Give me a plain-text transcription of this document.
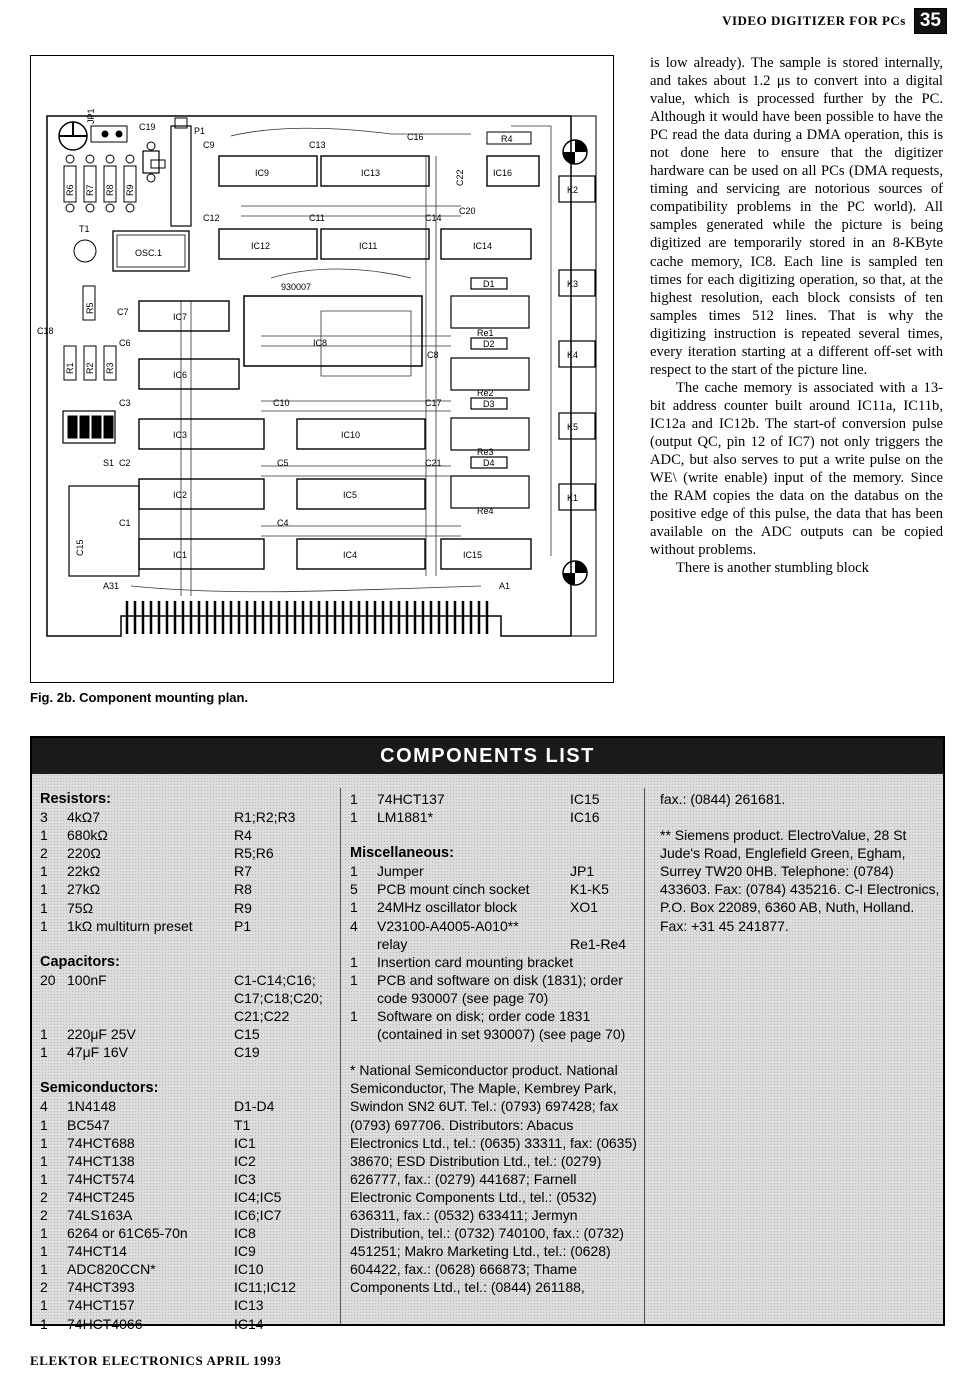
VIDEO DIGITIZER FOR PCs 35
JP1
R6 R7 R8 R9
C19	P1
T1
OSC.1
R5
C18
R1 R2 R3
S1
C15
A31
C7
C6
C3
C2
C1
IC7
IC6
IC3
IC2
IC1
IC9	IC13
IC12	IC11	IC14
IC16
C9	C13
C16	R4
C22
C12	C11	C14
C20
930007
IC8
C8
IC10
IC5
IC4	IC15
C10
C5
C4
C17
C21
D1
D2
D3
D4
Re1
Re2
Re3
Re4
K2
K3
K4
K5
K1
A1
Fig. 2b. Component mounting plan.

is low already). The sample is stored internally, and takes about 1.2 μs to convert into a digital value, which is processed further by the PC. Although it would have been possible to have the PC read the data during a DMA operation, this is not done here to ensure that the digitizer hardware can be used on all PCs (DMA requests, timing and servicing are notorious sources of compatibility problems in the PC world). All samples generated while the picture is being digitized are temporarily stored in an 8-KByte cache memory, IC8. Each line is sampled ten times for each digitizing operation, so that, at the highest resolution, each block consists of ten samples times 512 lines. That is why the digitizing instruction is repeated several times, every iteration starting at a different off-set with respect to the start of the picture line.

The cache memory is associated with a 13-bit address counter built around IC11a, IC11b, IC12a and IC12b. The start-of conversion pulse (output QC, pin 12 of IC7) not only triggers the ADC, but also serves to put a write pulse on the WE\ (write enable) input of the memory. Since the RAM copies the data on the databus on the positive edge of this pulse, the data that has been available on the ADC outputs can be copied without problems.

There is another stumbling block

COMPONENTS LIST
Resistors:
3	4kΩ7	R1;R2;R3
1	680kΩ	R4
2	220Ω	R5;R6
1	22kΩ	R7
1	27kΩ	R8
1	75Ω	R9
1	1kΩ multiturn preset	P1
Capacitors:
20 100nF	C1-C14;C16;
C17;C18;C20;
C21;C22
1	220μF 25V	C15
1	47μF 16V	C19
Semiconductors:
4	1N4148	D1-D4
1	BC547	T1
1	74HCT688	IC1
1	74HCT138	IC2
1	74HCT574	IC3
2	74HCT245	IC4;IC5
2	74LS163A	IC6;IC7
1	6264 or 61C65-70n	IC8
1	74HCT14	IC9
1	ADC820CCN*	IC10
2	74HCT393	IC11;IC12
1	74HCT157	IC13
1	74HCT4066	IC14
1	74HCT137	IC15
1	LM1881*	IC16
Miscellaneous:
1	Jumper	JP1
5	PCB mount cinch socket	K1-K5
1	24MHz oscillator block	XO1
4	V23100-A4005-A010**
relay	Re1-Re4
1	Insertion card mounting bracket
1	PCB and software on disk (1831); order code 930007 (see page 70)
1	Software on disk; order code 1831 (contained in set 930007) (see page 70)
* National Semiconductor product. National Semiconductor, The Maple, Kembrey Park, Swindon SN2 6UT. Tel.: (0793) 697428; fax (0793) 697706. Distributors: Abacus Electronics Ltd., tel.: (0635) 33311, fax: (0635) 38670; ESD Distribution Ltd., tel.: (0279) 626777, fax.: (0279) 441687; Farnell Electronic Components Ltd., tel.: (0532) 636311, fax.: (0532) 633411; Jermyn Distribution, tel.: (0732) 740100, fax.: (0732) 451251; Makro Marketing Ltd., tel.: (0628) 604422, fax.: (0628) 666873; Thame Components Ltd., tel.: (0844) 261188,
fax.: (0844) 261681.
** Siemens product. ElectroValue, 28 St Jude's Road, Englefield Green, Egham, Surrey TW20 0HB. Telephone: (0784) 433603. Fax: (0784) 435216. C-I Electronics, P.O. Box 22089, 6360 AB, Nuth, Holland. Fax: +31 45 241877.
ELEKTOR ELECTRONICS APRIL 1993
